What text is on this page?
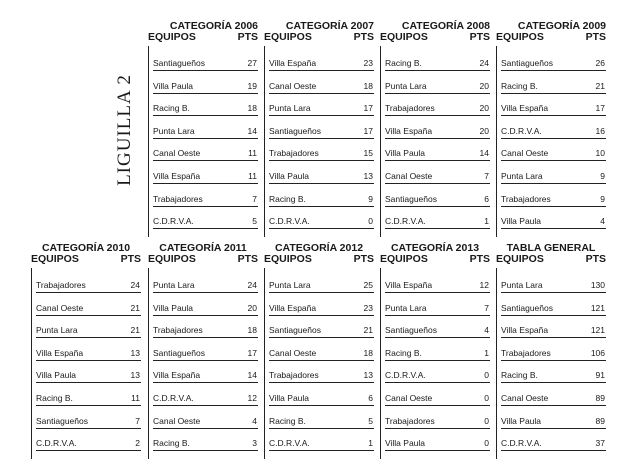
LIGUILLA 2
CATEGORÍA 2006
EQUIPOS	PTS
Santiagueños	27
Villa Paula	19
Racing B.	18
Punta Lara	14
Canal Oeste	11
Villa España	11
Trabajadores	7
C.D.R.V.A.	5
CATEGORÍA 2007
EQUIPOS	PTS
Villa España	23
Canal Oeste	18
Punta Lara	17
Santiagueños	17
Trabajadores	15
Villa Paula	13
Racing B.	9
C.D.R.V.A.	0
CATEGORÍA 2008
EQUIPOS	PTS
Racing B.	24
Punta Lara	20
Trabajadores	20
Villa España	20
Villa Paula	14
Canal Oeste	7
Santiagueños	6
C.D.R.V.A.	1
CATEGORÍA 2009
EQUIPOS	PTS
Santiagueños	26
Racing B.	21
Villa España	17
C.D.R.V.A.	16
Canal Oeste	10
Punta Lara	9
Trabajadores	9
Villa Paula	4
CATEGORÍA 2010
EQUIPOS	PTS
Trabajadores	24
Canal Oeste	21
Punta Lara	21
Villa España	13
Villa Paula	13
Racing B.	11
Santiagueños	7
C.D.R.V.A.	2
CATEGORÍA 2011
EQUIPOS	PTS
Punta Lara	24
Villa Paula	20
Trabajadores	18
Santiagueños	17
Villa España	14
C.D.R.V.A.	12
Canal Oeste	4
Racing B.	3
CATEGORÍA 2012
EQUIPOS	PTS
Punta Lara	25
Villa España	23
Santiagueños	21
Canal Oeste	18
Trabajadores	13
Villa Paula	6
Racing B.	5
C.D.R.V.A.	1
CATEGORÍA 2013
EQUIPOS	PTS
Villa España	12
Punta Lara	7
Santiagueños	4
Racing B.	1
C.D.R.V.A.	0
Canal Oeste	0
Trabajadores	0
Villa Paula	0
TABLA GENERAL
EQUIPOS	PTS
Punta Lara	130
Santiagueños	121
Villa España	121
Trabajadores	106
Racing B.	91
Canal Oeste	89
Villa Paula	89
C.D.R.V.A.	37
